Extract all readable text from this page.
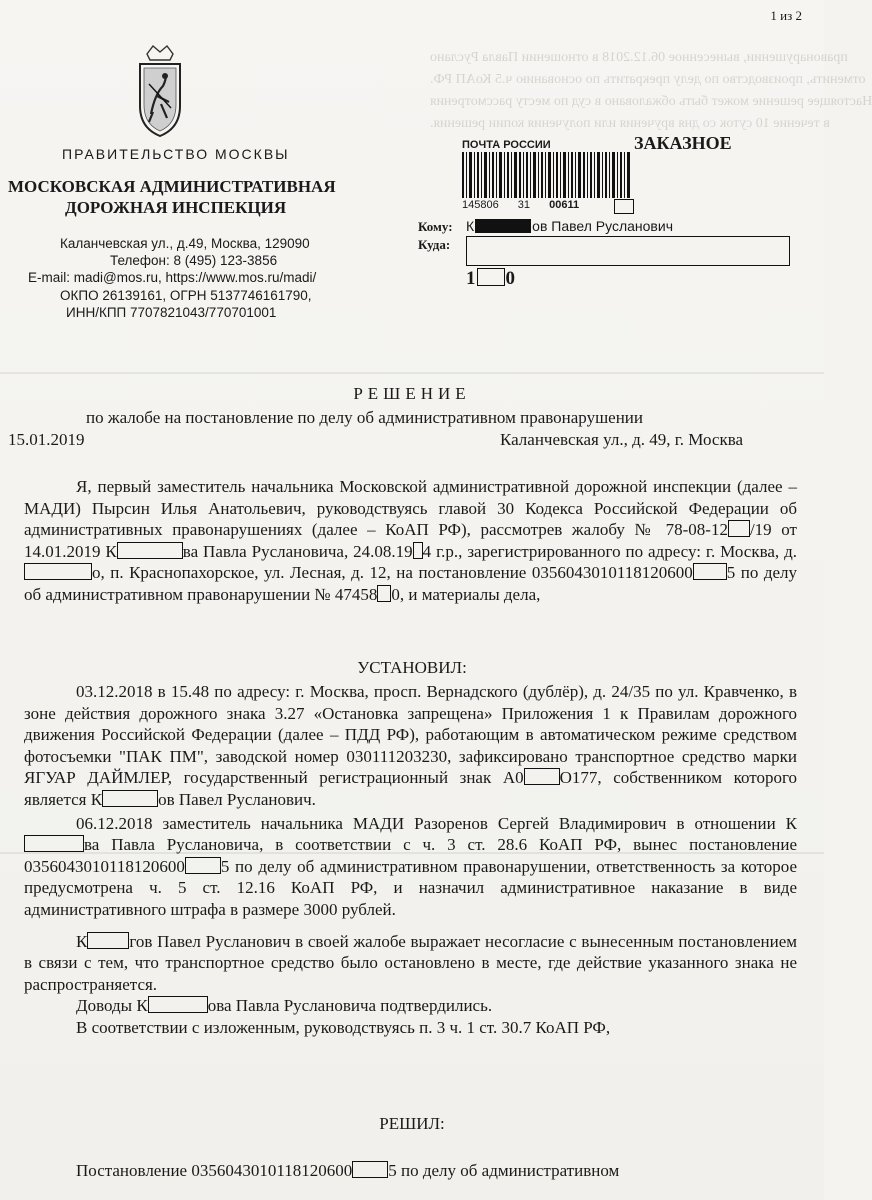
правонарушении, вынесенное 06.12.2018 в отношении Павла Руслано
отменить, производство по делу прекратить по основанию ч.5 КоАП РФ.
Настоящее решение может быть обжаловано в суд по месту рассмотрения
в течение 10 суток со дня вручения или получения копии решения.
1 из 2
ПРАВИТЕЛЬСТВО МОСКВЫ
МОСКОВСКАЯ АДМИНИСТРАТИВНАЯ
ДОРОЖНАЯ ИНСПЕКЦИЯ
Каланчевская ул., д.49, Москва, 129090
Телефон: 8 (495) 123-3856
E-mail: madi@mos.ru, https://www.mos.ru/madi/
ОКПО 26139161, ОГРН 5137746161790,
ИНН/КПП 7707821043/770701001
ПОЧТА РОССИИ	ЗАКАЗНОЕ
145806 31 00611
Кому: К	ов Павел Русланович
Куда:
1 0
РЕШЕНИЕ
по жалобе на постановление по делу об административном правонарушении
15.01.2019	Каланчевская ул., д. 49, г. Москва

Я, первый заместитель начальника Московской административной дорожной инспекции (далее – МАДИ) Пырсин Илья Анатольевич, руководствуясь главой 30 Кодекса Российской Федерации об административных правонарушениях (далее – КоАП РФ), рассмотрев жалобу № 78-08-12 /19 от 14.01.2019 К	ва Павла Руслановича, 24.08.19 4 г.р., зарегистрированного по адресу: г. Москва, д. о, п. Краснопахорское, ул. Лесная, д. 12, на постановление 0356043010118120600 5 по делу об административном правонарушении № 47458 0, и материалы дела,

УСТАНОВИЛ:

03.12.2018 в 15.48 по адресу: г. Москва, просп. Вернадского (дублёр), д. 24/35 по ул. Кравченко, в зоне действия дорожного знака 3.27 «Остановка запрещена» Приложения 1 к Правилам дорожного движения Российской Федерации (далее – ПДД РФ), работающим в автоматическом режиме средством фотосъемки "ПАК ПМ", заводской номер 030111203230, зафиксировано транспортное средство марки ЯГУАР ДАЙМЛЕР, государственный регистрационный знак А0 О177, собственником которого является К	ов Павел Русланович.

06.12.2018 заместитель начальника МАДИ Разоренов Сергей Владимирович в отношении Ква Павла Руслановича, в соответствии с ч. 3 ст. 28.6 КоАП РФ, вынес постановление 0356043010118120600 5 по делу об административном правонарушении, ответственность за которое предусмотрена ч. 5 ст. 12.16 КоАП РФ, и назначил административное наказание в виде административного штрафа в размере 3000 рублей.

К гов Павел Русланович в своей жалобе выражает несогласие с вынесенным постановлением в связи с тем, что транспортное средство было остановлено в месте, где действие указанного знака не распространяется.

Доводы К	ова Павла Руслановича подтвердились.

В соответствии с изложенным, руководствуясь п. 3 ч. 1 ст. 30.7 КоАП РФ,

РЕШИЛ:

Постановление 0356043010118120600 5 по делу об административном
